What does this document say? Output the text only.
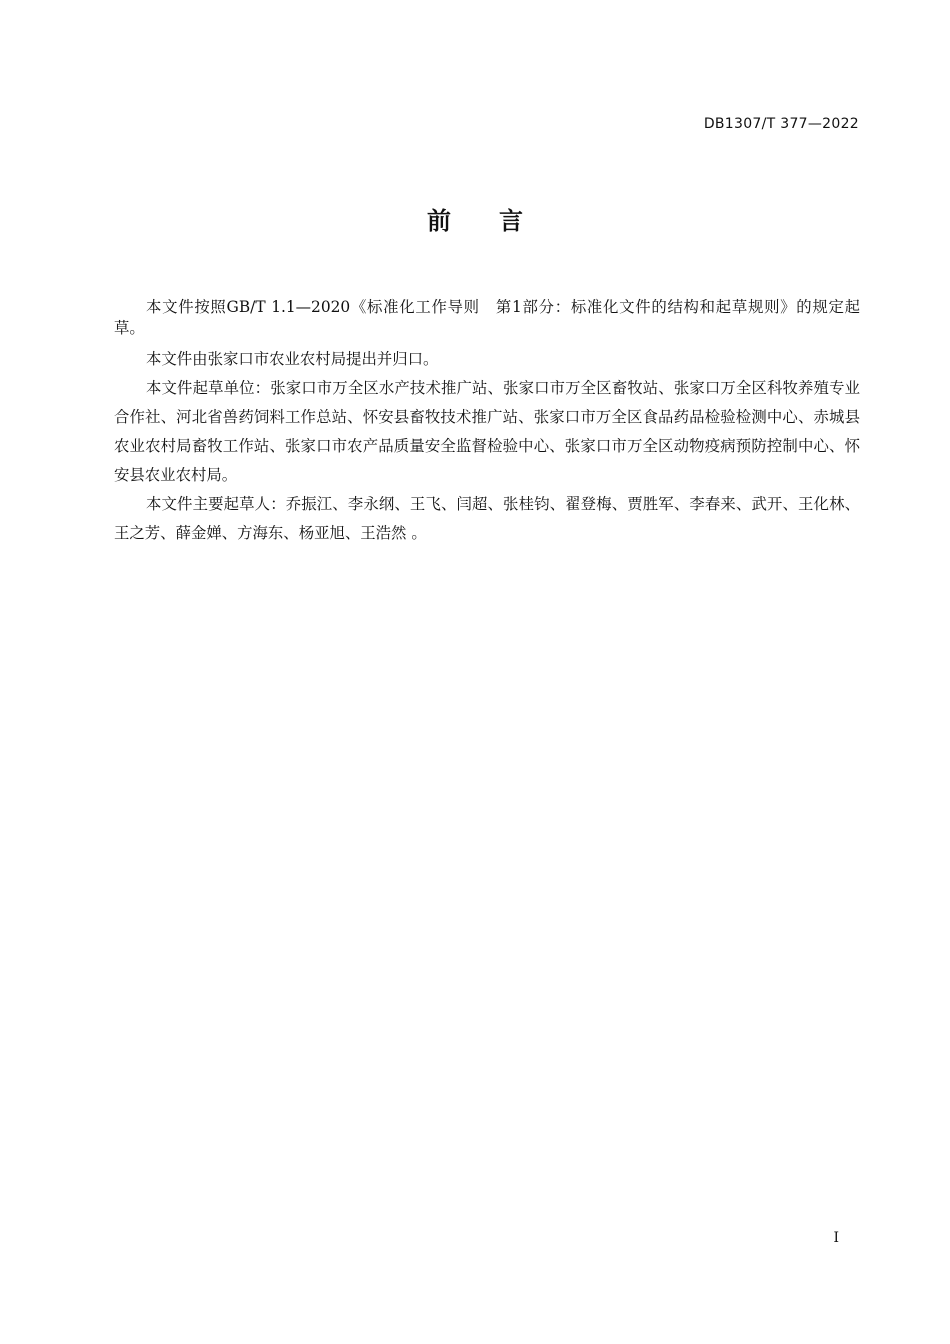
DB1307/T 377—2022
前　　言

本文件按照GB/T 1.1—2020《标准化工作导则　第1部分：标准化文件的结构和起草规则》的规定起草。

本文件由张家口市农业农村局提出并归口。

本文件起草单位：张家口市万全区水产技术推广站、张家口市万全区畜牧站、张家口万全区科牧养殖专业合作社、河北省兽药饲料工作总站、怀安县畜牧技术推广站、张家口市万全区食品药品检验检测中心、赤城县农业农村局畜牧工作站、张家口市农产品质量安全监督检验中心、张家口市万全区动物疫病预防控制中心、怀安县农业农村局。

本文件主要起草人：乔振江、李永纲、王飞、闫超、张桂钧、翟登梅、贾胜军、李春来、武开、王化林、王之芳、薛金婵、方海东、杨亚旭、王浩然 。

I
